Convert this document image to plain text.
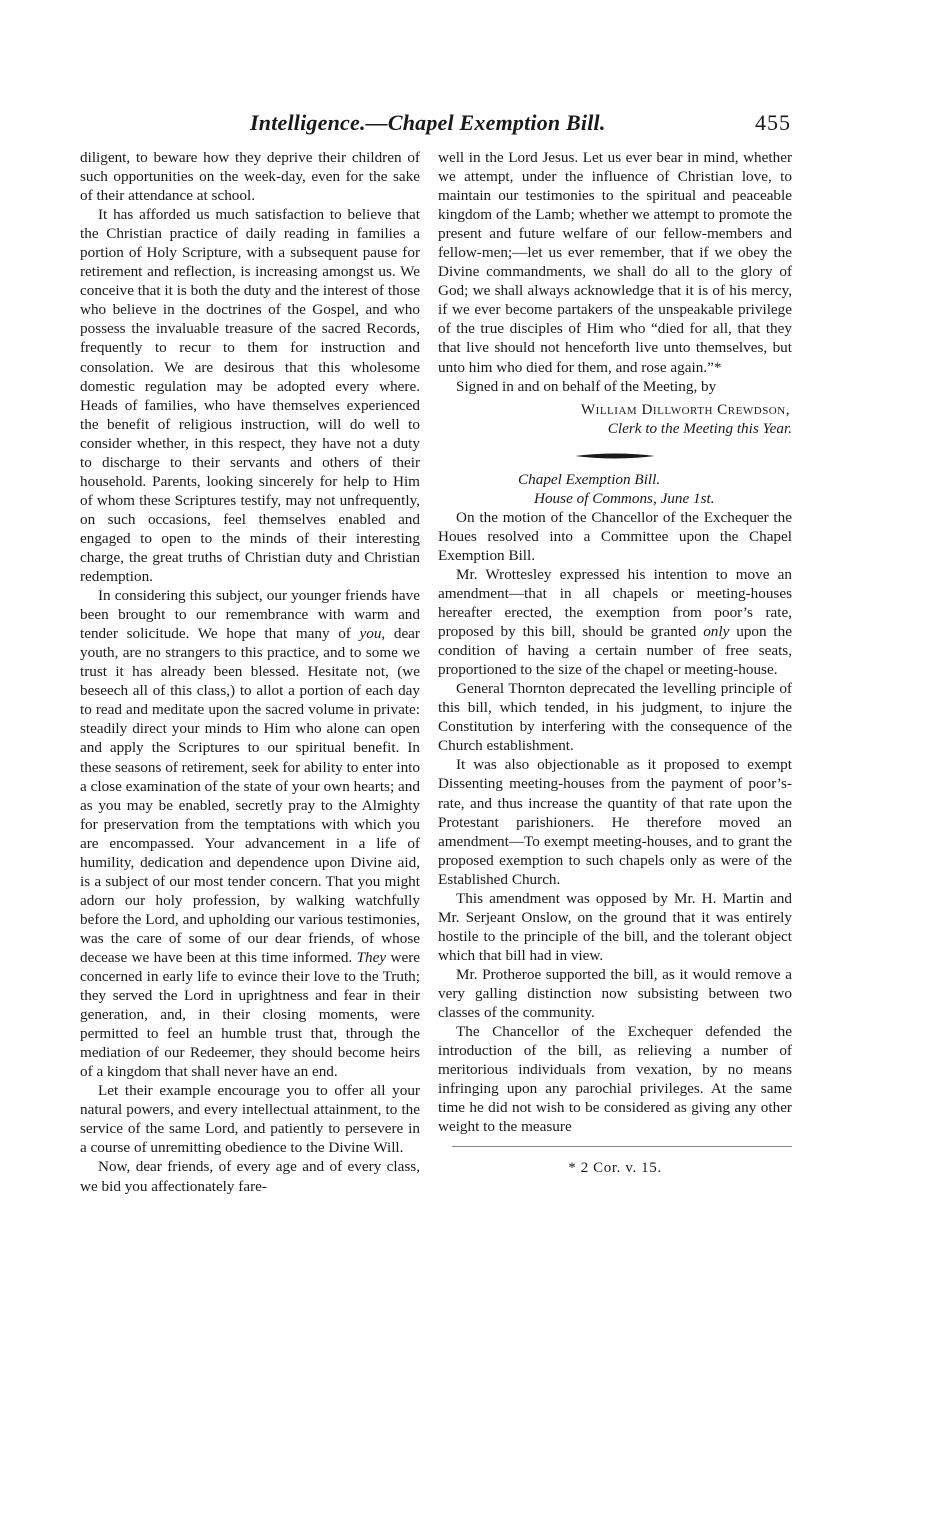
Intelligence.—Chapel Exemption Bill.	455

diligent, to beware how they deprive their children of such opportunities on the week-day, even for the sake of their attendance at school.

It has afforded us much satisfaction to believe that the Christian practice of daily reading in families a portion of Holy Scripture, with a subsequent pause for retirement and reflection, is increasing amongst us. We conceive that it is both the duty and the interest of those who believe in the doctrines of the Gospel, and who possess the invaluable treasure of the sacred Records, frequently to recur to them for instruction and consolation. We are desirous that this wholesome domestic regulation may be adopted every where. Heads of families, who have themselves experienced the benefit of religious instruction, will do well to consider whether, in this respect, they have not a duty to discharge to their servants and others of their household. Parents, looking sincerely for help to Him of whom these Scriptures testify, may not unfrequently, on such occasions, feel themselves enabled and engaged to open to the minds of their interesting charge, the great truths of Christian duty and Christian redemption.

In considering this subject, our younger friends have been brought to our remembrance with warm and tender solicitude. We hope that many of you, dear youth, are no strangers to this practice, and to some we trust it has already been blessed. Hesitate not, (we beseech all of this class,) to allot a portion of each day to read and meditate upon the sacred volume in private: steadily direct your minds to Him who alone can open and apply the Scriptures to our spiritual benefit. In these seasons of retirement, seek for ability to enter into a close examination of the state of your own hearts; and as you may be enabled, secretly pray to the Almighty for preservation from the temptations with which you are encompassed. Your advancement in a life of humility, dedication and dependence upon Divine aid, is a subject of our most tender concern. That you might adorn our holy profession, by walking watchfully before the Lord, and upholding our various testimonies, was the care of some of our dear friends, of whose decease we have been at this time informed. They were concerned in early life to evince their love to the Truth; they served the Lord in uprightness and fear in their generation, and, in their closing moments, were permitted to feel an humble trust that, through the mediation of our Redeemer, they should become heirs of a kingdom that shall never have an end.

Let their example encourage you to offer all your natural powers, and every intellectual attainment, to the service of the same Lord, and patiently to persevere in a course of unremitting obedience to the Divine Will.

Now, dear friends, of every age and of every class, we bid you affectionately fare-

well in the Lord Jesus. Let us ever bear in mind, whether we attempt, under the influence of Christian love, to maintain our testimonies to the spiritual and peaceable kingdom of the Lamb; whether we attempt to promote the present and future welfare of our fellow-members and fellow-men;—let us ever remember, that if we obey the Divine commandments, we shall do all to the glory of God; we shall always acknowledge that it is of his mercy, if we ever become partakers of the unspeakable privilege of the true disciples of Him who “died for all, that they that live should not henceforth live unto themselves, but unto him who died for them, and rose again.”*

Signed in and on behalf of the Meeting, by

William Dillworth Crewdson,
Clerk to the Meeting this Year.

Chapel Exemption Bill.

House of Commons, June 1st.

On the motion of the Chancellor of the Exchequer the Houes resolved into a Committee upon the Chapel Exemption Bill.

Mr. Wrottesley expressed his intention to move an amendment—that in all chapels or meeting-houses hereafter erected, the exemption from poor’s rate, proposed by this bill, should be granted only upon the condition of having a certain number of free seats, proportioned to the size of the chapel or meeting-house.

General Thornton deprecated the levelling principle of this bill, which tended, in his judgment, to injure the Constitution by interfering with the consequence of the Church establishment.

It was also objectionable as it proposed to exempt Dissenting meeting-houses from the payment of poor’s-rate, and thus increase the quantity of that rate upon the Protestant parishioners. He therefore moved an amendment—To exempt meeting-houses, and to grant the proposed exemption to such chapels only as were of the Established Church.

This amendment was opposed by Mr. H. Martin and Mr. Serjeant Onslow, on the ground that it was entirely hostile to the principle of the bill, and the tolerant object which that bill had in view.

Mr. Protheroe supported the bill, as it would remove a very galling distinction now subsisting between two classes of the community.

The Chancellor of the Exchequer defended the introduction of the bill, as relieving a number of meritorious individuals from vexation, by no means infringing upon any parochial privileges. At the same time he did not wish to be considered as giving any other weight to the measure

* 2 Cor. v. 15.
